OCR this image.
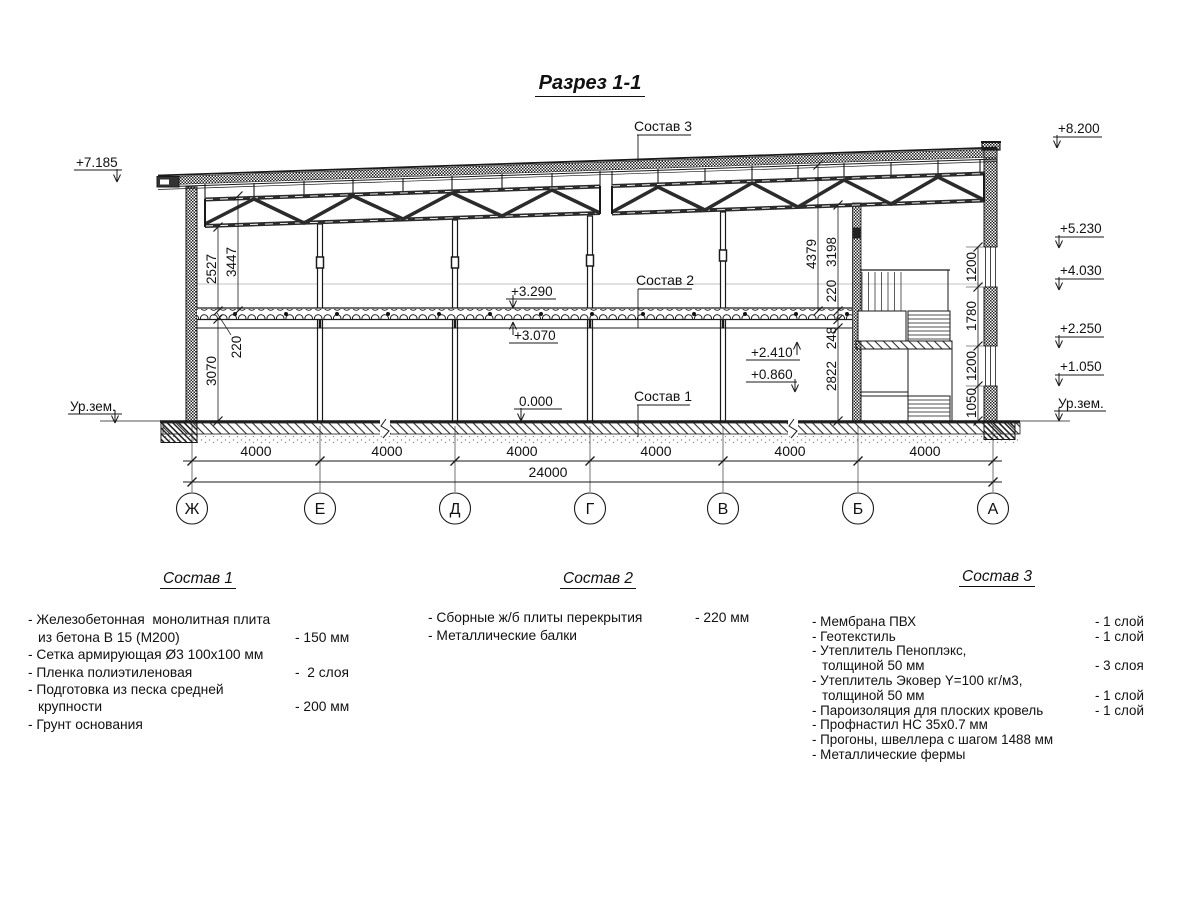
Разрез 1-1
+7.185
Ур.зем.
+8.200
+5.230
+4.030
+2.250
+1.050
Ур.зем.
+3.290
+3.070
0.000
+2.410
+0.860
Состав 3
Состав 2
Состав 1
2527 3447
220
3070
4379 3198
220
248
2822
1200
1780
1200
1050
4000	4000	4000	4000	4000	4000
24000
Ж	Е	Д	Г	В	Б	А
Состав 1
- Железобетонная  монолитная плита
из бетона В 15 (М200)	- 150 мм
- Сетка армирующая Ø3 100x100 мм
- Пленка полиэтиленовая	-  2 слоя
- Подготовка из песка средней
крупности	- 200 мм
- Грунт основания
Состав 2
- Сборные ж/б плиты перекрытия	- 220 мм
- Металлические балки
Состав 3
- Мембрана ПВХ	- 1 слой
- Геотекстиль	- 1 слой
- Утеплитель Пеноплэкс,
толщиной 50 мм	- 3 слоя
- Утеплитель Эковер Y=100 кг/м3,
толщиной 50 мм	- 1 слой
- Пароизоляция для плоских кровель	- 1 слой
- Профнастил НС 35x0.7 мм
- Прогоны, швеллера с шагом 1488 мм
- Металлические фермы
